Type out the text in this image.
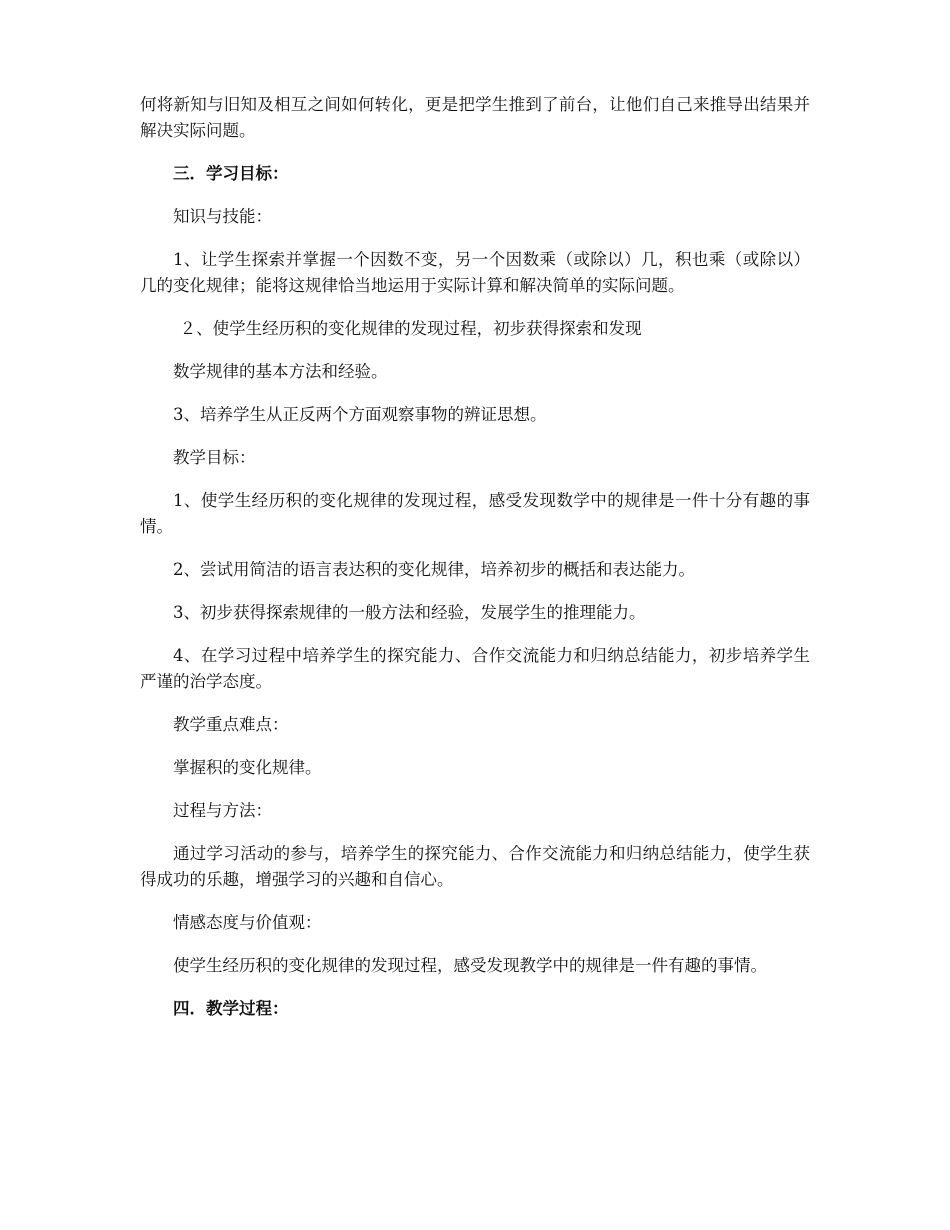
何将新知与旧知及相互之间如何转化，更是把学生推到了前台，让他们自己来推导出结果并解决实际问题。

三．学习目标：

知识与技能：

1、让学生探索并掌握一个因数不变，另一个因数乘（或除以）几，积也乘（或除以）几的变化规律；能将这规律恰当地运用于实际计算和解决简单的实际问题。

２、使学生经历积的变化规律的发现过程，初步获得探索和发现

数学规律的基本方法和经验。

3、培养学生从正反两个方面观察事物的辨证思想。

教学目标：

1、使学生经历积的变化规律的发现过程，感受发现数学中的规律是一件十分有趣的事情。

2、尝试用简洁的语言表达积的变化规律，培养初步的概括和表达能力。

3、初步获得探索规律的一般方法和经验，发展学生的推理能力。

4、在学习过程中培养学生的探究能力、合作交流能力和归纳总结能力，初步培养学生严谨的治学态度。

教学重点难点：

掌握积的变化规律。

过程与方法：

通过学习活动的参与，培养学生的探究能力、合作交流能力和归纳总结能力，使学生获得成功的乐趣，增强学习的兴趣和自信心。

情感态度与价值观：

使学生经历积的变化规律的发现过程，感受发现教学中的规律是一件有趣的事情。

四．教学过程：
